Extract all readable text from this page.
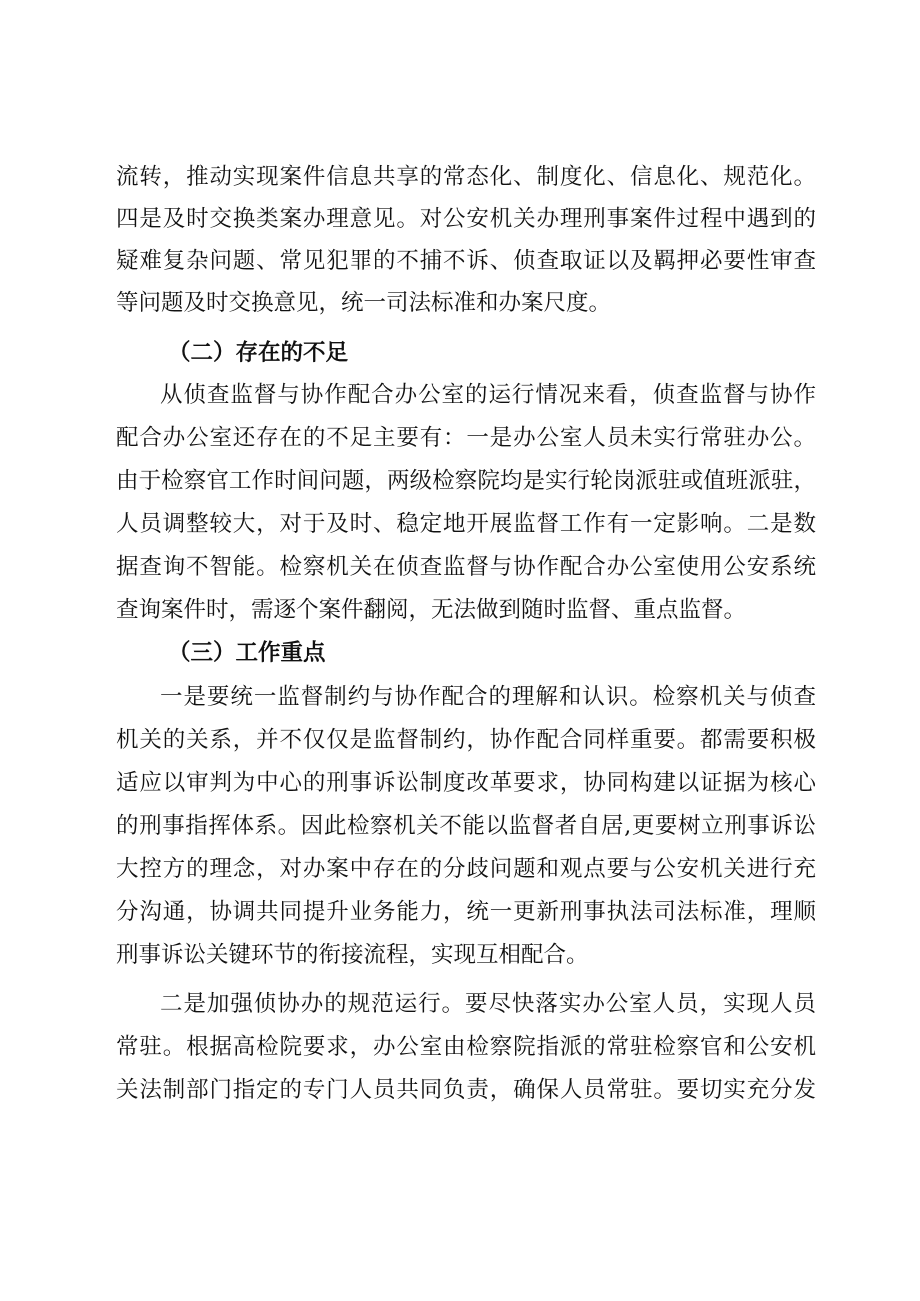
流转，推动实现案件信息共享的常态化、制度化、信息化、规范化。
四是及时交换类案办理意见。对公安机关办理刑事案件过程中遇到的
疑难复杂问题、常见犯罪的不捕不诉、侦查取证以及羁押必要性审查
等问题及时交换意见，统一司法标准和办案尺度。
（二）存在的不足
从侦查监督与协作配合办公室的运行情况来看，侦查监督与协作
配合办公室还存在的不足主要有：一是办公室人员未实行常驻办公。
由于检察官工作时间问题，两级检察院均是实行轮岗派驻或值班派驻，
人员调整较大，对于及时、稳定地开展监督工作有一定影响。二是数
据查询不智能。检察机关在侦查监督与协作配合办公室使用公安系统
查询案件时，需逐个案件翻阅，无法做到随时监督、重点监督。
（三）工作重点
一是要统一监督制约与协作配合的理解和认识。检察机关与侦查
机关的关系，并不仅仅是监督制约，协作配合同样重要。都需要积极
适应以审判为中心的刑事诉讼制度改革要求，协同构建以证据为核心
的刑事指挥体系。因此检察机关不能以监督者自居,更要树立刑事诉讼
大控方的理念，对办案中存在的分歧问题和观点要与公安机关进行充
分沟通，协调共同提升业务能力，统一更新刑事执法司法标准，理顺
刑事诉讼关键环节的衔接流程，实现互相配合。
二是加强侦协办的规范运行。要尽快落实办公室人员，实现人员
常驻。根据高检院要求，办公室由检察院指派的常驻检察官和公安机
关法制部门指定的专门人员共同负责，确保人员常驻。要切实充分发
